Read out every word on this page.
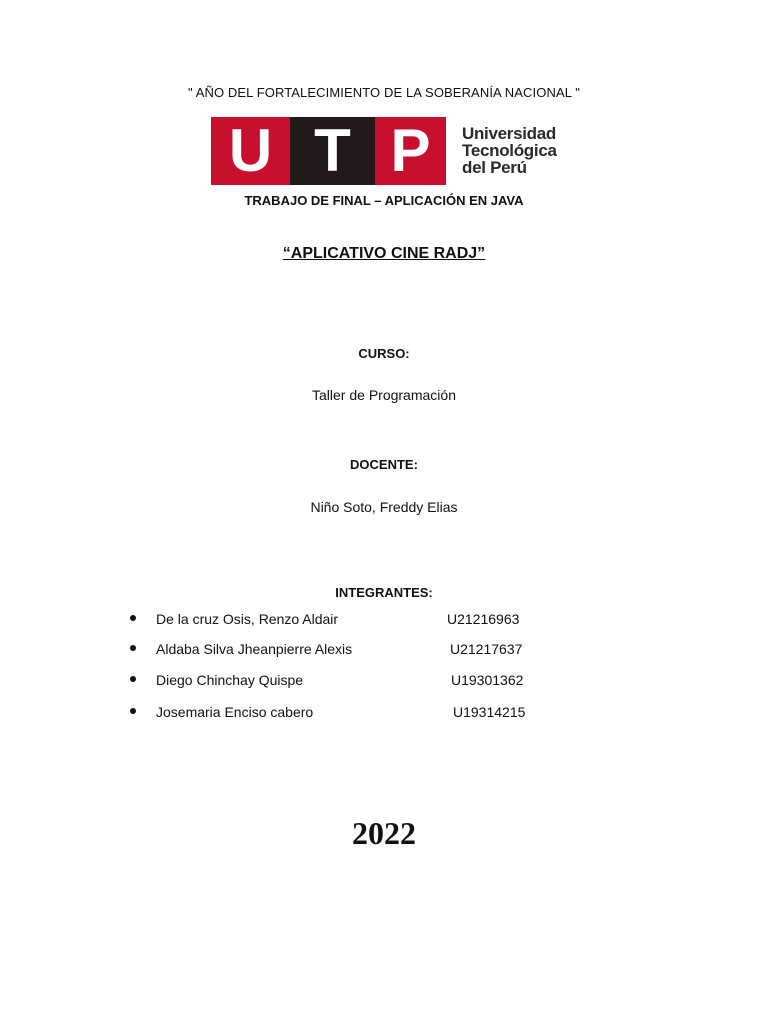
" AÑO DEL FORTALECIMIENTO DE LA SOBERANÍA NACIONAL "
U T P	Universidad
Tecnológica
del Perú
TRABAJO DE FINAL – APLICACIÓN EN JAVA
“APLICATIVO CINE RADJ”
CURSO:
Taller de Programación
DOCENTE:
Niño Soto, Freddy Elias
INTEGRANTES:
De la cruz Osis, Renzo Aldair	U21216963
Aldaba Silva Jheanpierre Alexis	U21217637
Diego Chinchay Quispe	U19301362
Josemaria Enciso cabero	U19314215
2022
